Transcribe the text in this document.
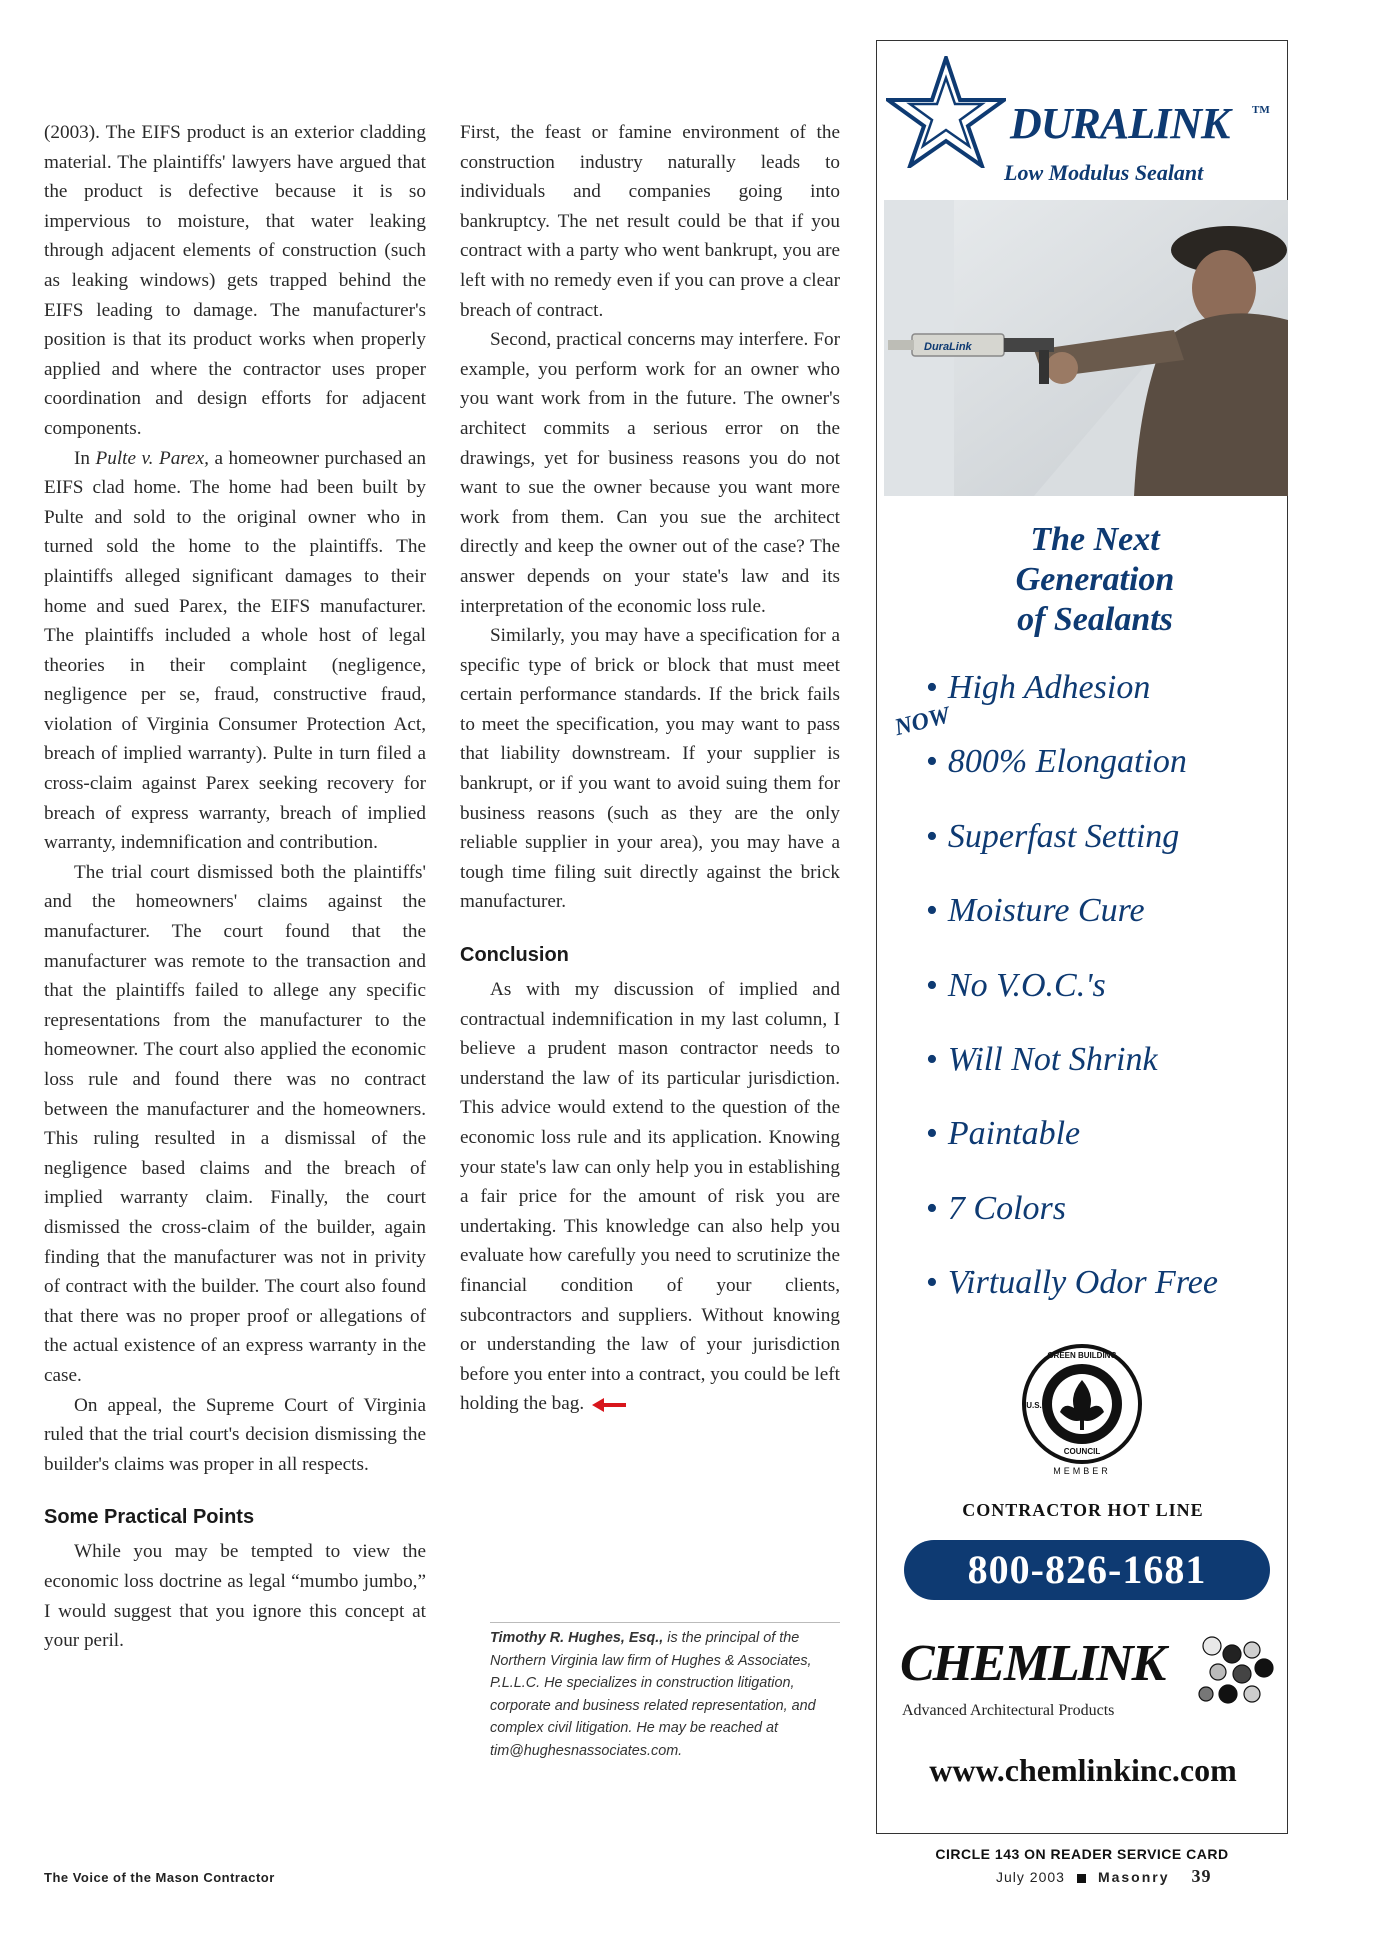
(2003). The EIFS product is an exterior cladding material. The plaintiffs' lawyers have argued that the product is defective because it is so impervious to moisture, that water leaking through adjacent elements of construction (such as leaking windows) gets trapped behind the EIFS leading to damage. The manufacturer's position is that its product works when properly applied and where the contractor uses proper coordination and design efforts for adjacent components.

In Pulte v. Parex, a homeowner purchased an EIFS clad home. The home had been built by Pulte and sold to the original owner who in turned sold the home to the plaintiffs. The plaintiffs alleged significant damages to their home and sued Parex, the EIFS manufacturer. The plaintiffs included a whole host of legal theories in their complaint (negligence, negligence per se, fraud, constructive fraud, violation of Virginia Consumer Protection Act, breach of implied warranty). Pulte in turn filed a cross-claim against Parex seeking recovery for breach of express warranty, breach of implied warranty, indemnification and contribution.

The trial court dismissed both the plaintiffs' and the homeowners' claims against the manufacturer. The court found that the manufacturer was remote to the transaction and that the plaintiffs failed to allege any specific representations from the manufacturer to the homeowner. The court also applied the economic loss rule and found there was no contract between the manufacturer and the homeowners. This ruling resulted in a dismissal of the negligence based claims and the breach of implied warranty claim. Finally, the court dismissed the cross-claim of the builder, again finding that the manufacturer was not in privity of contract with the builder. The court also found that there was no proper proof or allegations of the actual existence of an express warranty in the case.

On appeal, the Supreme Court of Virginia ruled that the trial court's decision dismissing the builder's claims was proper in all respects.

Some Practical Points

While you may be tempted to view the economic loss doctrine as legal “mumbo jumbo,” I would suggest that you ignore this concept at your peril.

First, the feast or famine environment of the construction industry naturally leads to individuals and companies going into bankruptcy. The net result could be that if you contract with a party who went bankrupt, you are left with no remedy even if you can prove a clear breach of contract.

Second, practical concerns may interfere. For example, you perform work for an owner who you want work from in the future. The owner's architect commits a serious error on the drawings, yet for business reasons you do not want to sue the owner because you want more work from them. Can you sue the architect directly and keep the owner out of the case? The answer depends on your state's law and its interpretation of the economic loss rule.

Similarly, you may have a specification for a specific type of brick or block that must meet certain performance standards. If the brick fails to meet the specification, you may want to pass that liability downstream. If your supplier is bankrupt, or if you want to avoid suing them for business reasons (such as they are the only reliable supplier in your area), you may have a tough time filing suit directly against the brick manufacturer.

Conclusion

As with my discussion of implied and contractual indemnification in my last column, I believe a prudent mason contractor needs to understand the law of its particular jurisdiction. This advice would extend to the question of the economic loss rule and its application. Knowing your state's law can only help you in establishing a fair price for the amount of risk you are undertaking. This knowledge can also help you evaluate how carefully you need to scrutinize the financial condition of your clients, subcontractors and suppliers. Without knowing or understanding the law of your jurisdiction before you enter into a contract, you could be left holding the bag.

Timothy R. Hughes, Esq., is the principal of the Northern Virginia law firm of Hughes & Associates, P.L.L.C. He specializes in construction litigation, corporate and business related representation, and complex civil litigation. He may be reached at tim@hughesnassociates.com.
The Voice of the Mason Contractor	July 2003 Masonry 39
DURALINK TM
Low Modulus Sealant
DuraLink
The Next
Generation
of Sealants
NOW
• High Adhesion
• 800% Elongation
• Superfast Setting
• Moisture Cure
• No V.O.C.'s
• Will Not Shrink
• Paintable
• 7 Colors
• Virtually Odor Free
GREEN BUILDING
U.S.
COUNCIL
MEMBER
CONTRACTOR HOT LINE
800-826-1681
CHEMLINK
Advanced Architectural Products
www.chemlinkinc.com
CIRCLE 143 ON READER SERVICE CARD
